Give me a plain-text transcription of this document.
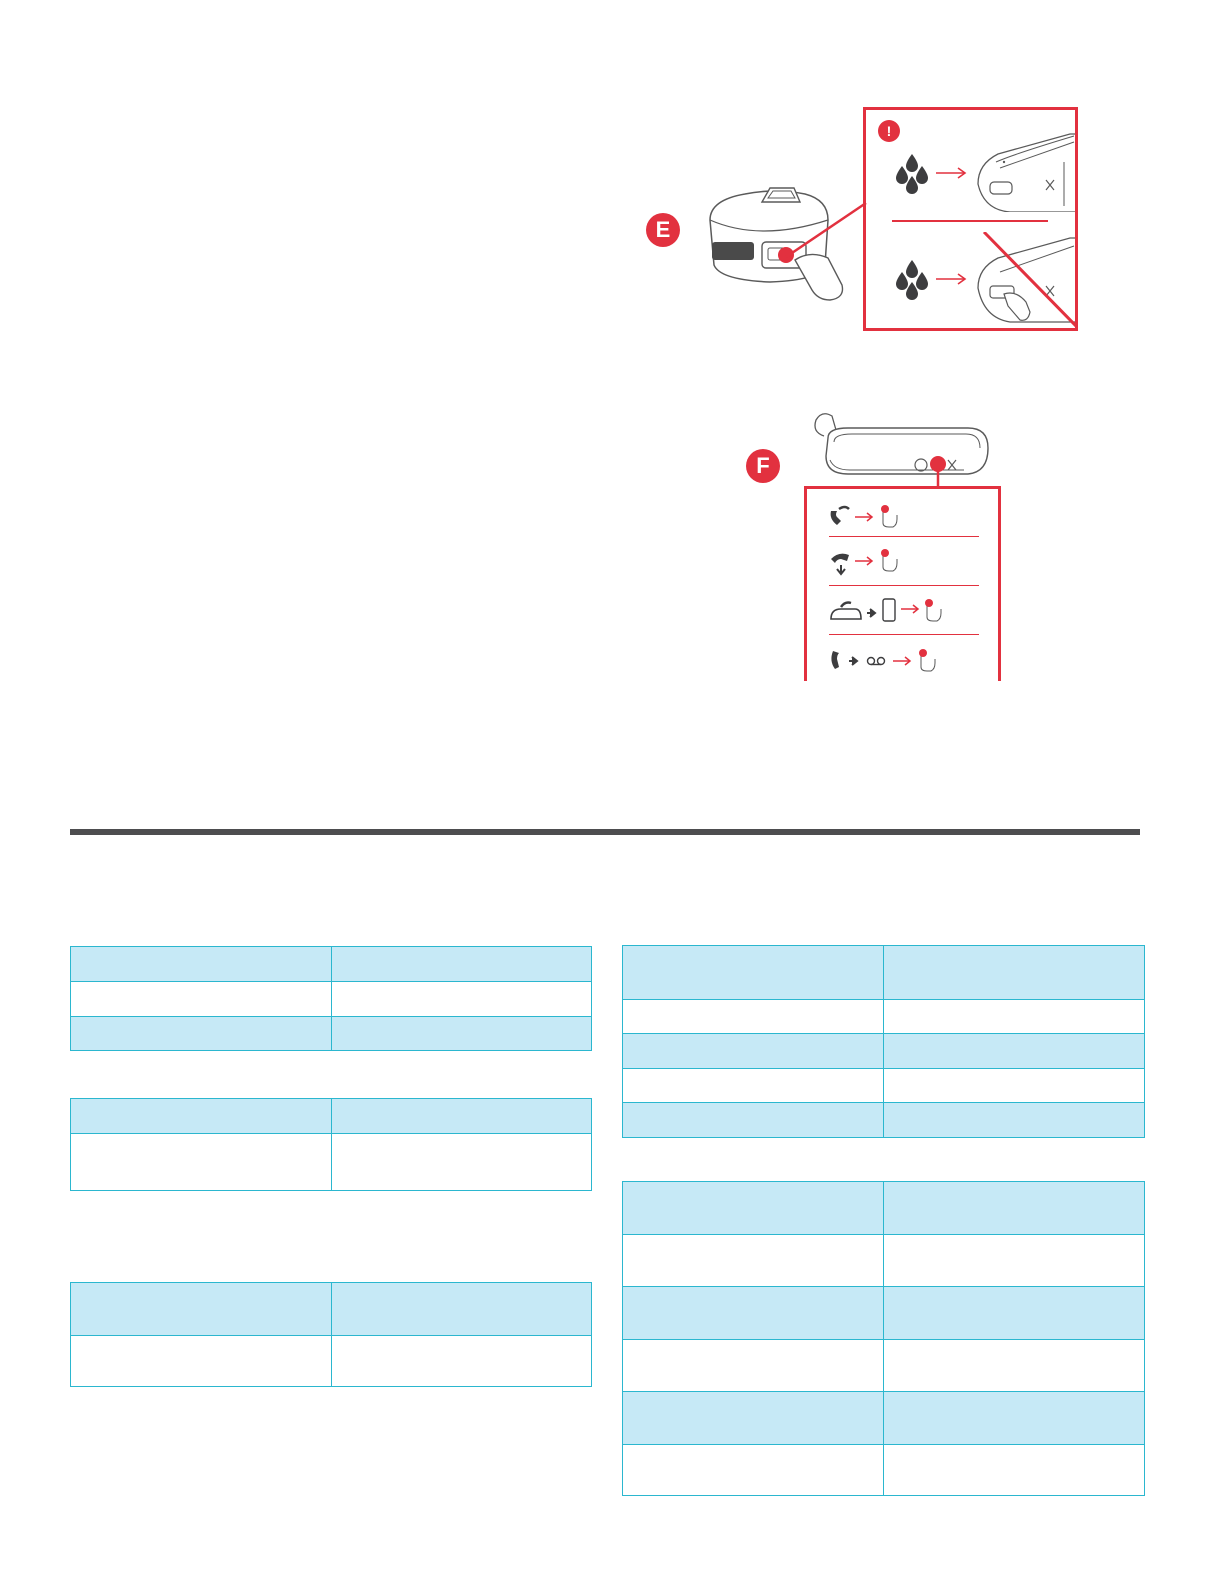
E
!
F
